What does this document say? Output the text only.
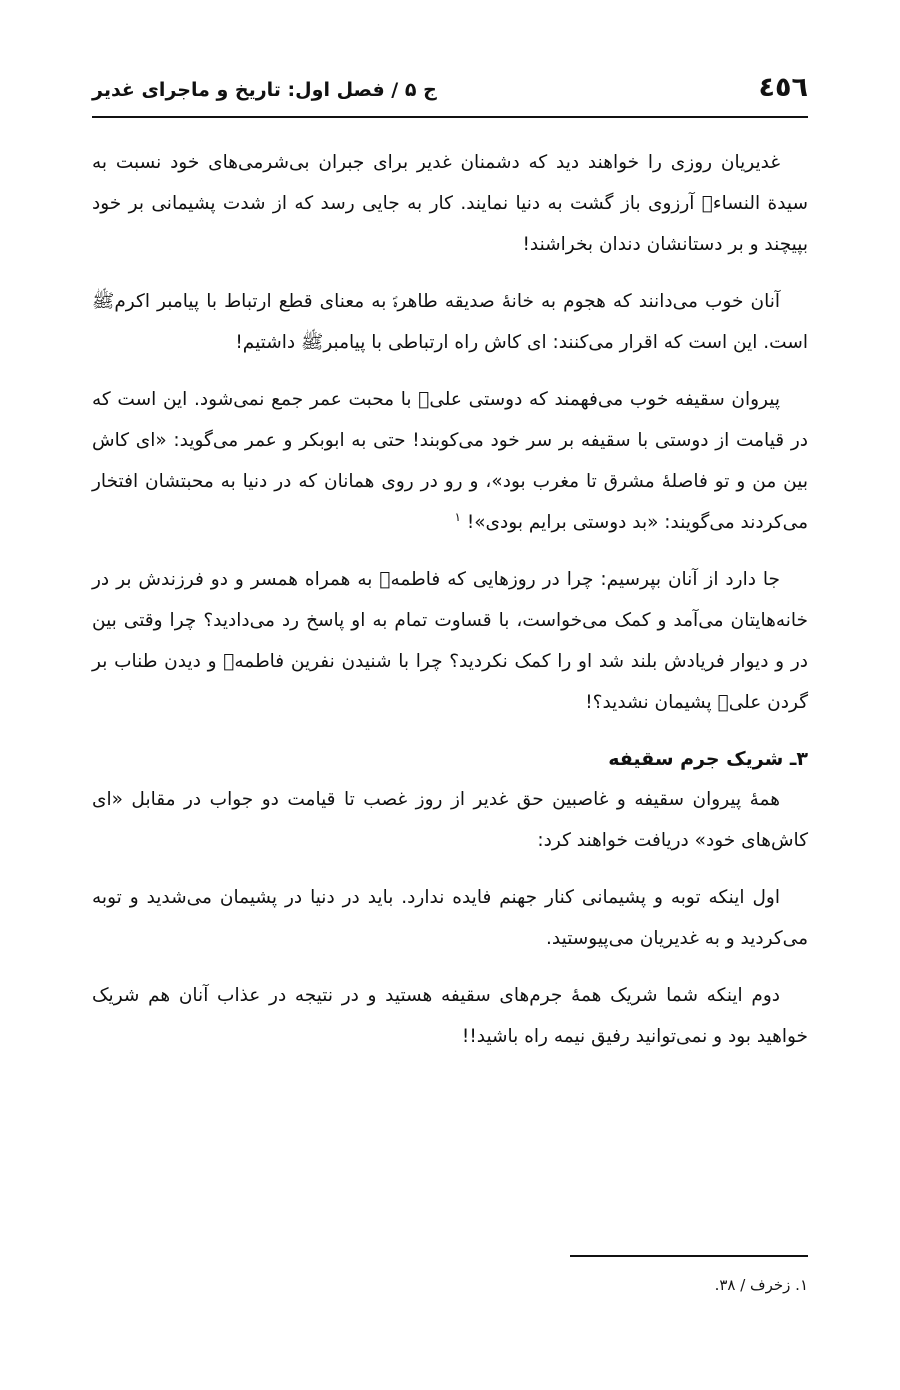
٤٥٦
ج ۵ / فصل اول: تاریخ و ماجرای غدیر

غدیریان روزی را خواهند دید که دشمنان غدیر برای جبران بی‌شرمی‌های خود نسبت به سیدة النساءؐ آرزوی باز گشت به دنیا نمایند. کار به جایی رسد که از شدت پشیمانی بر خود بپیچند و بر دستانشان دندان بخراشند!

آنان خوب می‌دانند که هجوم به خانۀ صدیقه طاهرهؐ به معنای قطع ارتباط با پیامبر اکرمﷺ است. این است که اقرار می‌کنند: ای کاش راه ارتباطی با پیامبرﷺ داشتیم!

پیروان سقیفه خوب می‌فهمند که دوستی علیؑ با محبت عمر جمع نمی‌شود. این است که در قیامت از دوستی با سقیفه بر سر خود می‌کوبند! حتی به ابوبکر و عمر می‌گوید: «ای کاش بین من و تو فاصلۀ مشرق تا مغرب بود»، و رو در روی همانان که در دنیا به محبتشان افتخار می‌کردند می‌گویند: «بد دوستی برایم بودی»! $^١$

جا دارد از آنان بپرسیم: چرا در روزهایی که فاطمهؐ به همراه همسر و دو فرزندش بر در خانه‌هایتان می‌آمد و کمک می‌خواست، با قساوت تمام به او پاسخ رد می‌دادید؟ چرا وقتی بین در و دیوار فریادش بلند شد او را کمک نکردید؟ چرا با شنیدن نفرین فاطمهؐ و دیدن طناب بر گردن علیؑ پشیمان نشدید؟!

۳ـ شریک جرم سقیفه

همۀ پیروان سقیفه و غاصبین حق غدیر از روز غصب تا قیامت دو جواب در مقابل «ای کاش‌های خود» دریافت خواهند کرد:

اول اینکه توبه و پشیمانی کنار جهنم فایده ندارد. باید در دنیا در پشیمان می‌شدید و توبه می‌کردید و به غدیریان می‌پیوستید.

دوم اینکه شما شریک همۀ جرم‌های سقیفه هستید و در نتیجه در عذاب آنان هم شریک خواهید بود و نمی‌توانید رفیق نیمه راه باشید!!

١. زخرف / ٣٨.
